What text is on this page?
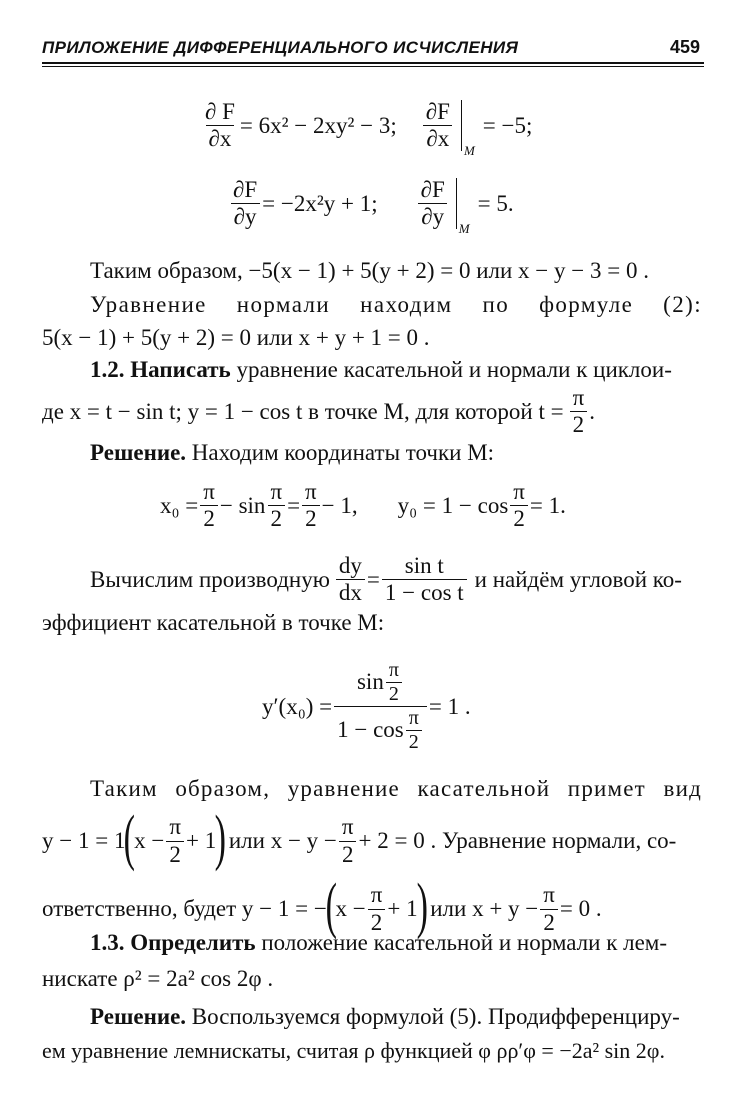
ПРИЛОЖЕНИЕ ДИФФЕРЕНЦИАЛЬНОГО ИСЧИСЛЕНИЯ	459
$\frac{\partial F}{\partial x} = 6x^2 - 2xy^2 - 3$; $\frac{\partial F}{\partial x}$ M
= −5 ;
$\frac{\partial F}{\partial y} = -2x^2y + 1$; $\frac{\partial F}{\partial y}$ M
= 5 .
Таким образом, −5(x − 1) + 5(y + 2) = 0 или x − y − 3 = 0 .
Уравнение нормали находим по формуле (2):
5(x − 1) + 5(y + 2) = 0 или x + y + 1 = 0 .
1.2. Написать уравнение касательной и нормали к циклои-
де x = t − sin t; y = 1 − cos t в точке M, для которой $t = \frac{\pi}{2}$ .
Решение. Находим координаты точки M:
$x_0 = \frac{\pi}{2} - \sin \frac{\pi}{2} = \frac{\pi}{2} - 1$, $y_0 = 1 - \cos \frac{\pi}{2} = 1$.
Вычислим производную $\frac{dy}{dx} = \frac{\text{sin t}}{\text{1 − cos t}}$ и найдём угловой ко-
эффициент касательной в точке M:
$y'(x_0) = \frac{\sin \frac{\pi}{2}}{1 - \cos \frac{\pi}{2}} = 1$ .
Таким образом, уравнение касательной примет вид
y − 1 = 1
(
$x - \frac{\pi}{2} + 1$
) или $x - y - \frac{\pi}{2} + 2 = 0$ . Уравнение нормали, со-
ответственно, будет y − 1 = −
(
$x - \frac{\pi}{2} + 1$
) или $x + y - \frac{\pi}{2} = 0$ .
1.3. Определить положение касательной и нормали к лем-
нискате ρ² = 2a² cos 2φ .
Решение. Воспользуемся формулой (5). Продифференциру-
ем уравнение лемнискаты, считая ρ функцией φ ρρ′φ = −2a² sin 2φ.
